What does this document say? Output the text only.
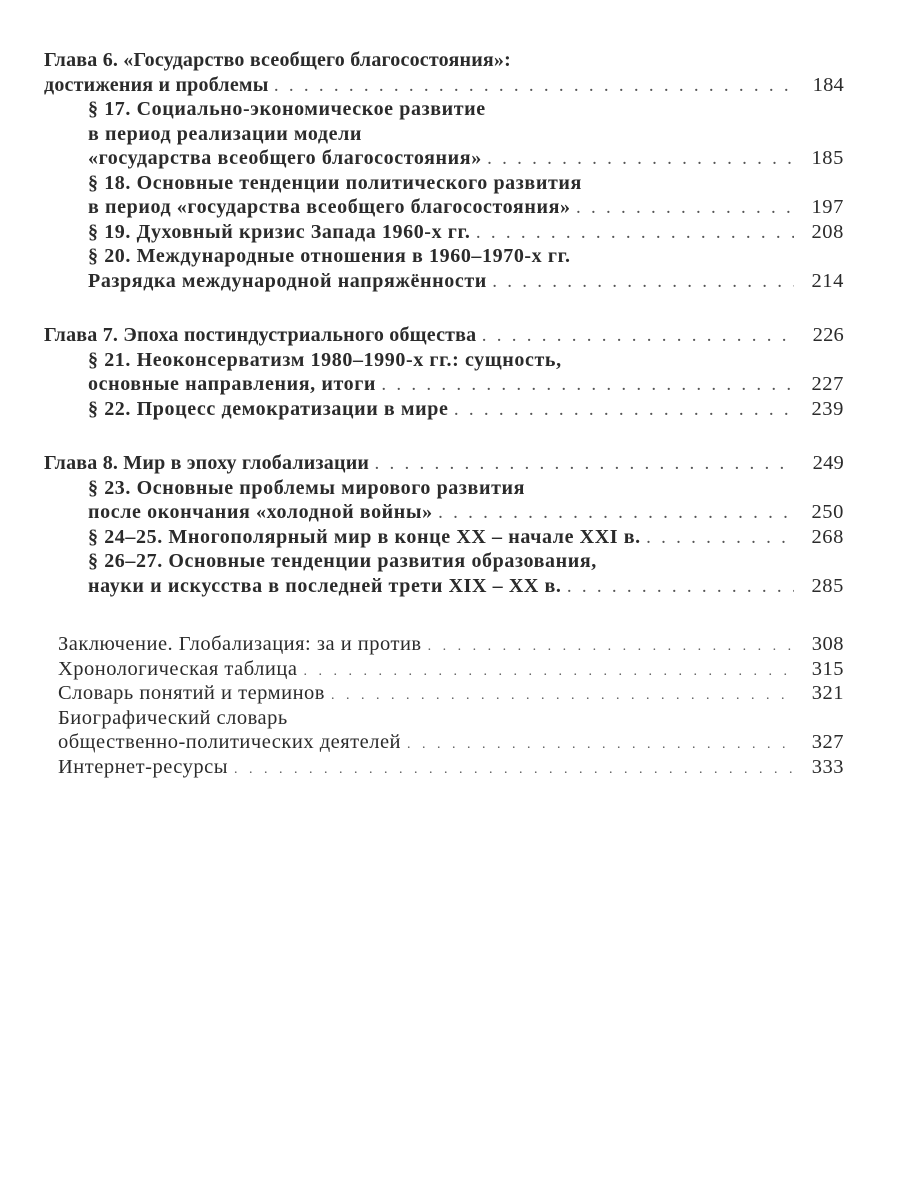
Глава 6. «Государство всеобщего благосостояния»:
достижения и проблемы . . .	184
§ 17. Социально-экономическое развитие
в период реализации модели
«государства всеобщего благосостояния» . . .	185
§ 18. Основные тенденции политического развития
в период «государства всеобщего благосостояния» . . .	197
§ 19. Духовный кризис Запада 1960-х гг. . . .	208
§ 20. Международные отношения в 1960–1970-х гг.
Разрядка международной напряжённости . . .	214
Глава 7. Эпоха постиндустриального общества . . .	226
§ 21. Неоконсерватизм 1980–1990-х гг.: сущность,
основные направления, итоги . . .	227
§ 22. Процесс демократизации в мире . . .	239
Глава 8. Мир в эпоху глобализации . . .	249
§ 23. Основные проблемы мирового развития
после окончания «холодной войны» . . .	250
§ 24–25. Многополярный мир в конце XX – начале XXI в. . . .	268
§ 26–27. Основные тенденции развития образования,
науки и искусства в последней трети XIX – XX в. . . .	285
Заключение. Глобализация: за и против . . .	308
Хронологическая таблица . . .	315
Словарь понятий и терминов . . .	321
Биографический словарь
общественно-политических деятелей . . .	327
Интернет-ресурсы . . .	333
